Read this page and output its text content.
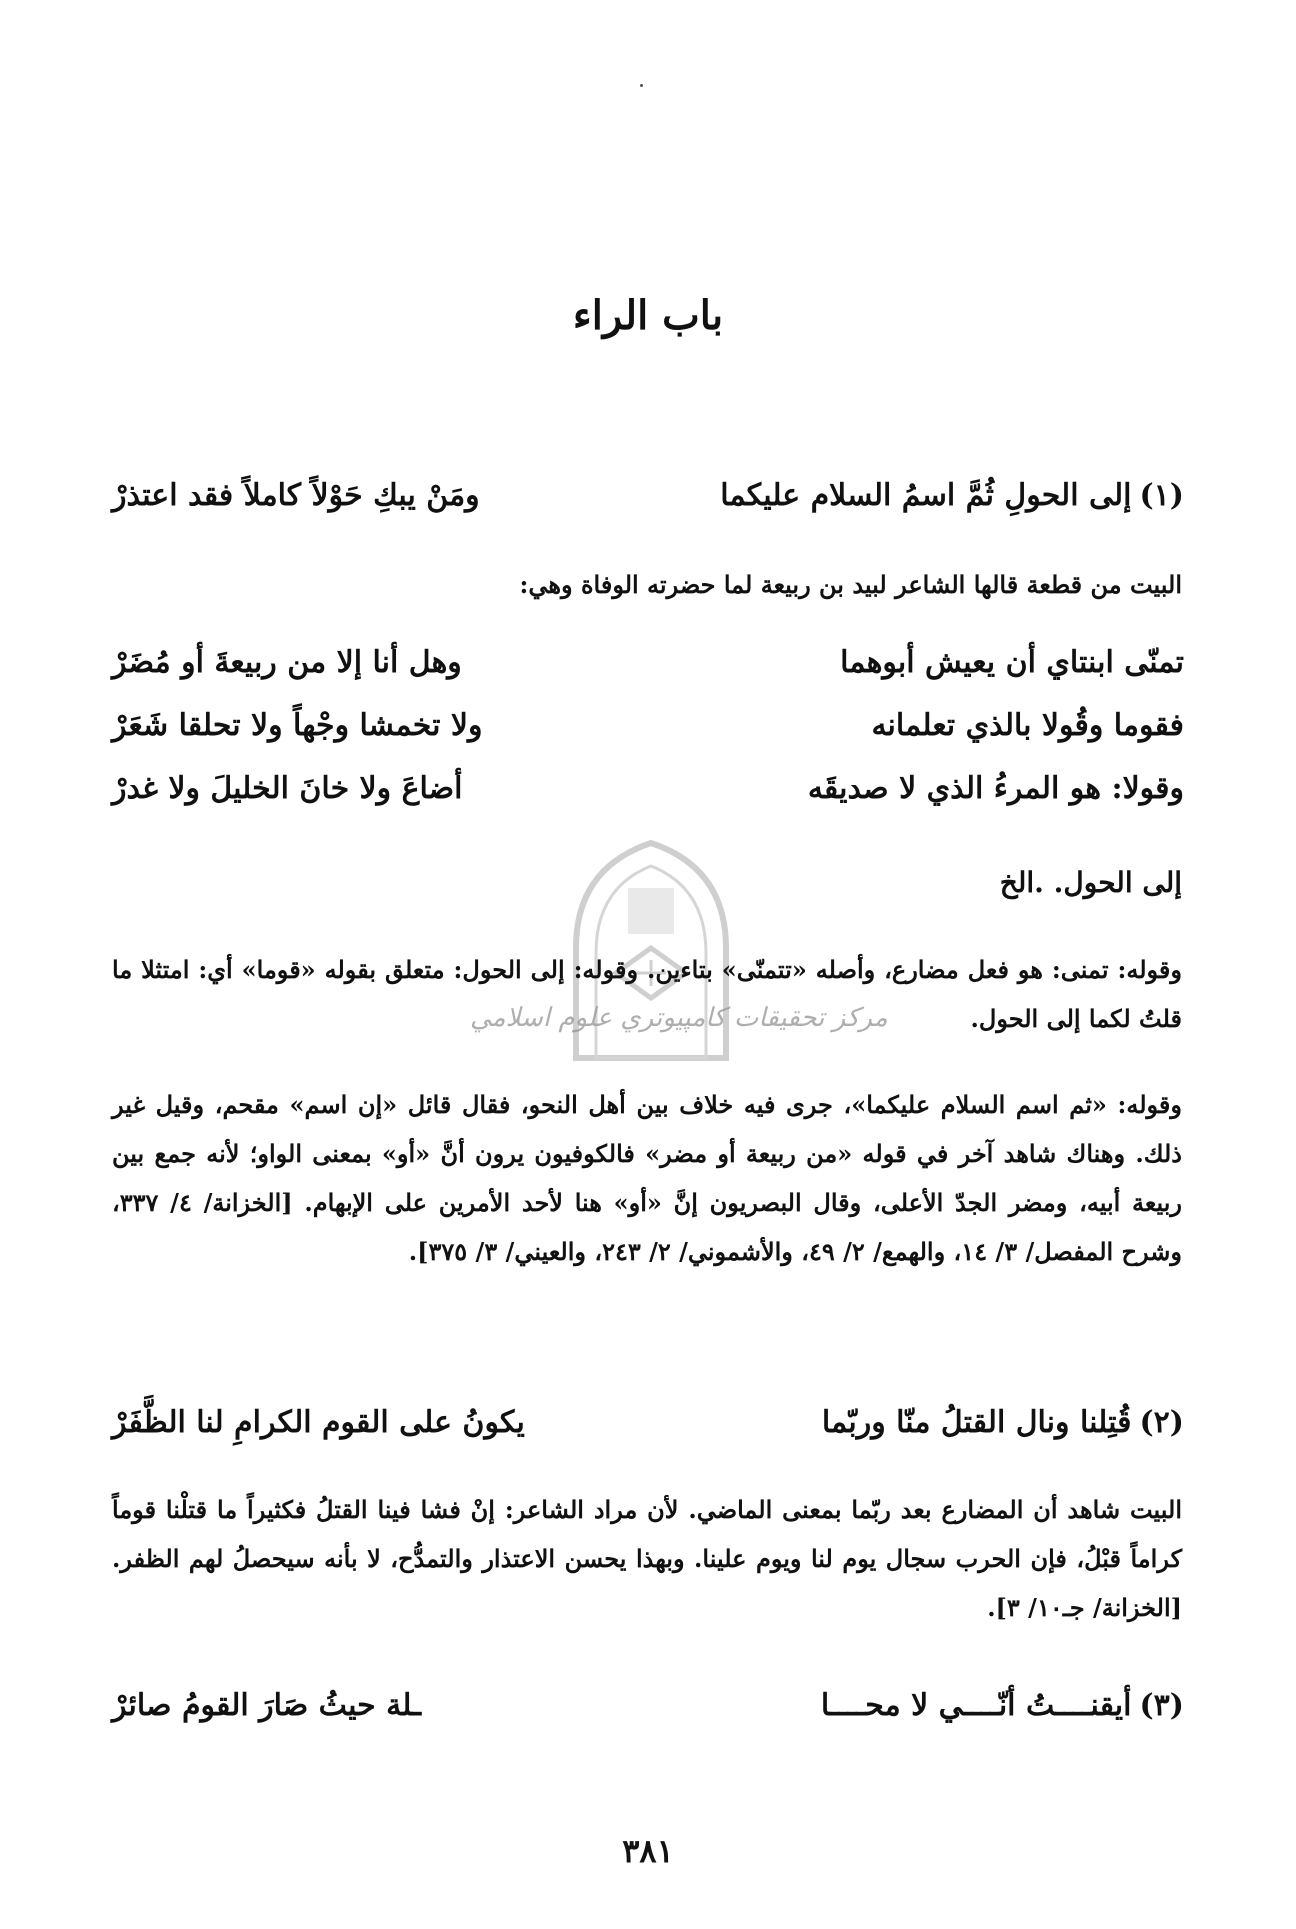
باب الراء
(١)إلى الحولِ ثُمَّ اسمُ السلام عليكما
ومَنْ يبكِ حَوْلاً كاملاً فقد اعتذرْ
البيت من قطعة قالها الشاعر لبيد بن ربيعة لما حضرته الوفاة وهي:
تمنّى ابنتاي أن يعيش أبوهما
وهل أنا إلا من ربيعةَ أو مُضَرْ
فقوما وقُولا بالذي تعلمانه
ولا تخمشا وجْهاً ولا تحلقا شَعَرْ
وقولا: هو المرءُ الذي لا صديقَه
أضاعَ ولا خانَ الخليلَ ولا غدرْ
إلى الحول. .الخ
مركز تحقيقات كامپيوتري علوم اسلامي
وقوله: تمنى: هو فعل مضارع، وأصله «تتمنّى» بتاءين. وقوله: إلى الحول: متعلق بقوله «قوما» أي: امتثلا ما قلتُ لكما إلى الحول.
وقوله: «ثم اسم السلام عليكما»، جرى فيه خلاف بين أهل النحو، فقال قائل «إن اسم» مقحم، وقيل غير ذلك. وهناك شاهد آخر في قوله «من ربيعة أو مضر» فالكوفيون يرون أنَّ «أو» بمعنى الواو؛ لأنه جمع بين ربيعة أبيه، ومضر الجدّ الأعلى، وقال البصريون إنَّ «أو» هنا لأحد الأمرين على الإبهام. [الخزانة/ ٤/ ٣٣٧، وشرح المفصل/ ٣/ ١٤، والهمع/ ٢/ ٤٩، والأشموني/ ٢/ ٢٤٣، والعيني/ ٣/ ٣٧٥].
(٢)قُتِلنا ونال القتلُ منّا وربّما
يكونُ على القوم الكرامِ لنا الظَّفَرْ
البيت شاهد أن المضارع بعد ربّما بمعنى الماضي. لأن مراد الشاعر: إنْ فشا فينا القتلُ فكثيراً ما قتلْنا قوماً كراماً قبْلُ، فإن الحرب سجال يوم لنا ويوم علينا. وبهذا يحسن الاعتذار والتمدُّح، لا بأنه سيحصلُ لهم الظفر. [الخزانة/ جـ١٠/ ٣].
(٣)أيقنــــتُ أنّــــي لا محــــا
ـلة حيثُ صَارَ القومُ صائرْ
٣٨١
